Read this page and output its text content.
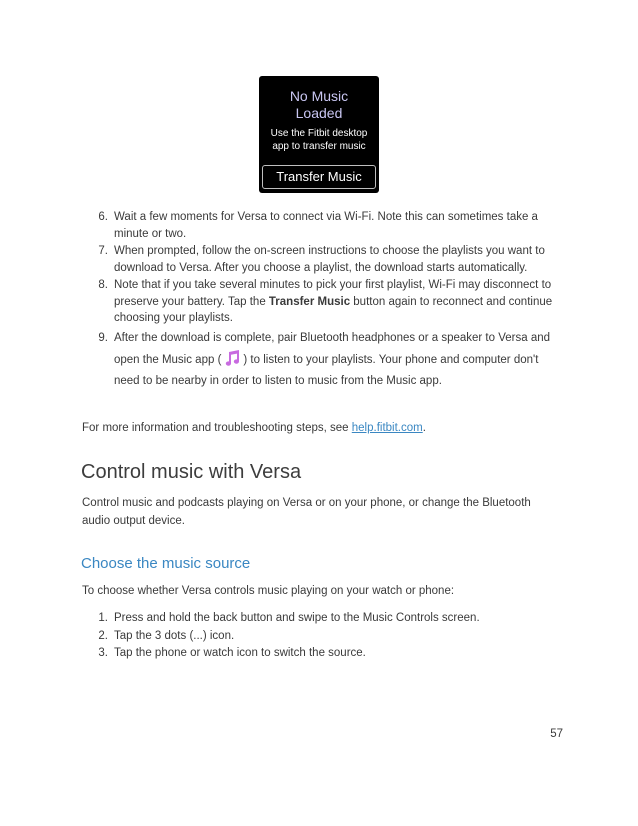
No Music
Loaded
Use the Fitbit desktop
app to transfer music
Transfer Music
6. Wait a few moments for Versa to connect via Wi-Fi. Note this can sometimes take a minute or two.
7. When prompted, follow the on-screen instructions to choose the playlists you want to download to Versa. After you choose a playlist, the download starts automatically.
8. Note that if you take several minutes to pick your first playlist, Wi-Fi may disconnect to preserve your battery. Tap the Transfer Music button again to reconnect and continue choosing your playlists.
9. After the download is complete, pair Bluetooth headphones or a speaker to Versa and open the Music app ( ) to listen to your playlists. Your phone and computer don't need to be nearby in order to listen to music from the Music app.
For more information and troubleshooting steps, see help.fitbit.com.
Control music with Versa
Control music and podcasts playing on Versa or on your phone, or change the Bluetooth audio output device.
Choose the music source
To choose whether Versa controls music playing on your watch or phone:
1. Press and hold the back button and swipe to the Music Controls screen.
2. Tap the 3 dots (...) icon.
3. Tap the phone or watch icon to switch the source.
57
